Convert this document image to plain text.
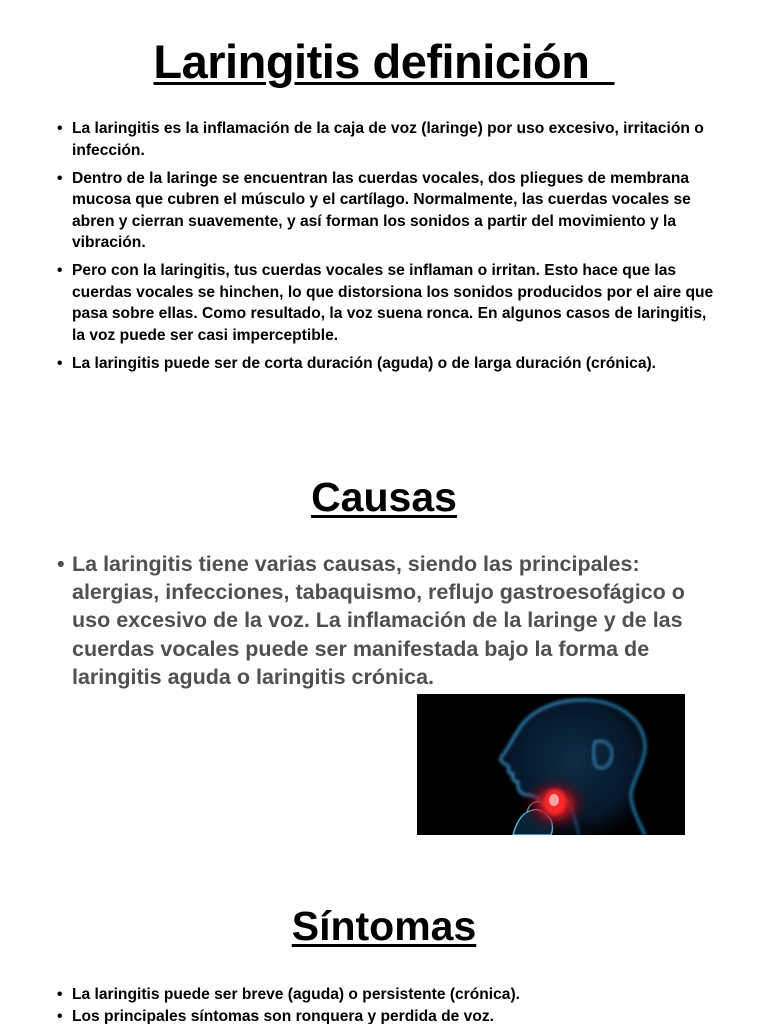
Laringitis definición
• La laringitis es la inflamación de la caja de voz (laringe) por uso excesivo, irritación o infección.
• Dentro de la laringe se encuentran las cuerdas vocales, dos pliegues de membrana mucosa que cubren el músculo y el cartílago. Normalmente, las cuerdas vocales se abren y cierran suavemente, y así forman los sonidos a partir del movimiento y la vibración.
• Pero con la laringitis, tus cuerdas vocales se inflaman o irritan. Esto hace que las cuerdas vocales se hinchen, lo que distorsiona los sonidos producidos por el aire que pasa sobre ellas. Como resultado, la voz suena ronca. En algunos casos de laringitis, la voz puede ser casi imperceptible.
• La laringitis puede ser de corta duración (aguda) o de larga duración (crónica).
Causas
• La laringitis tiene varias causas, siendo las principales: alergias, infecciones, tabaquismo, reflujo gastroesofágico o uso excesivo de la voz. La inflamación de la laringe y de las cuerdas vocales puede ser manifestada bajo la forma de laringitis aguda o laringitis crónica.
Síntomas
• La laringitis puede ser breve (aguda) o persistente (crónica).
• Los principales síntomas son ronquera y perdida de voz.
